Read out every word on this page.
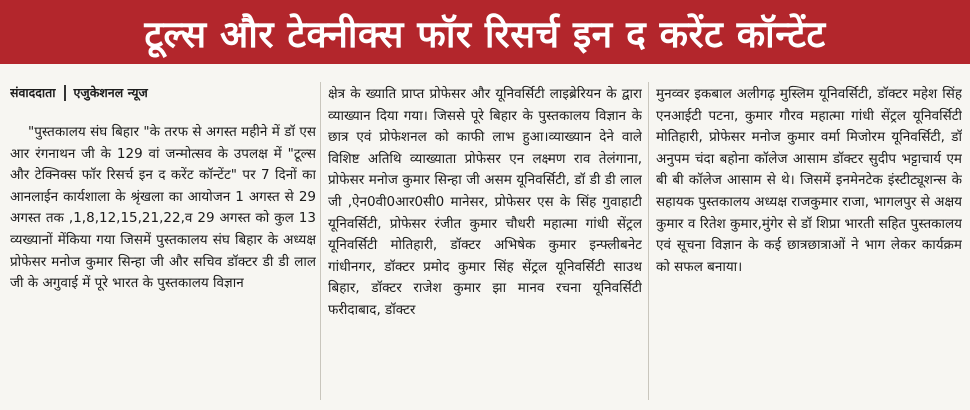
टूल्स और टेक्नीक्स फॉर रिसर्च इन द करेंट कॉन्टेंट
संवाददाता एजुकेशनल न्यूज

"पुस्तकालय संघ बिहार "के तरफ से अगस्त महीने में डॉ एस आर रंगनाथन जी के 129 वां जन्मोत्सव के उपलक्ष में "टूल्स और टेक्निक्स फॉर रिसर्च इन द करेंट कॉन्टेंट" पर 7 दिनों का आनलाईन कार्यशाला के श्रृंखला का आयोजन 1 अगस्त से 29 अगस्त तक ,1,8,12,15,21,22,व 29 अगस्त को कुल 13 व्यख्यानों मेंकिया गया जिसमें पुस्तकालय संघ बिहार के अध्यक्ष प्रोफेसर मनोज कुमार सिन्हा जी और सचिव डॉक्टर डी डी लाल जी के अगुवाई में पूरे भारत के पुस्तकालय विज्ञान

क्षेत्र के ख्याति प्राप्त प्रोफेसर और यूनिवर्सिटी लाइब्रेरियन के द्वारा व्याख्यान दिया गया। जिससे पूरे बिहार के पुस्तकालय विज्ञान के छात्र एवं प्रोफेशनल को काफी लाभ हुआ।व्याख्यान देने वाले विशिष्ट अतिथि व्याख्याता प्रोफेसर एन लक्ष्मण राव तेलंगाना, प्रोफेसर मनोज कुमार सिन्हा जी असम यूनिवर्सिटी, डॉ डी डी लाल जी ,ऐन0वी0आर0सी0 मानेसर, प्रोफेसर एस के सिंह गुवाहाटी यूनिवर्सिटी, प्रोफेसर रंजीत कुमार चौधरी महात्मा गांधी सेंट्रल यूनिवर्सिटी मोतिहारी, डॉक्टर अभिषेक कुमार इन्फ्लीबनेट गांधीनगर, डॉक्टर प्रमोद कुमार सिंह सेंट्रल यूनिवर्सिटी साउथ बिहार, डॉक्टर राजेश कुमार झा मानव रचना यूनिवर्सिटी फरीदाबाद, डॉक्टर

मुनव्वर इकबाल अलीगढ़ मुस्लिम यूनिवर्सिटी, डॉक्टर महेश सिंह एनआईटी पटना, कुमार गौरव महात्मा गांधी सेंट्रल यूनिवर्सिटी मोतिहारी, प्रोफेसर मनोज कुमार वर्मा मिजोरम यूनिवर्सिटी, डॉ अनुपम चंदा बहोना कॉलेज आसाम डॉक्टर सुदीप भट्टाचार्य एम बी बी कॉलेज आसाम से थे। जिसमें इनमेनटेक इंस्टीट्यूशन्स के सहायक पुस्तकालय अध्यक्ष राजकुमार राजा, भागलपुर से अक्षय कुमार व रितेश कुमार,मुंगेर से डॉ शिप्रा भारती सहित पुस्तकालय एवं सूचना विज्ञान के कई छात्रछात्राओं ने भाग लेकर कार्यक्रम को सफल बनाया।
